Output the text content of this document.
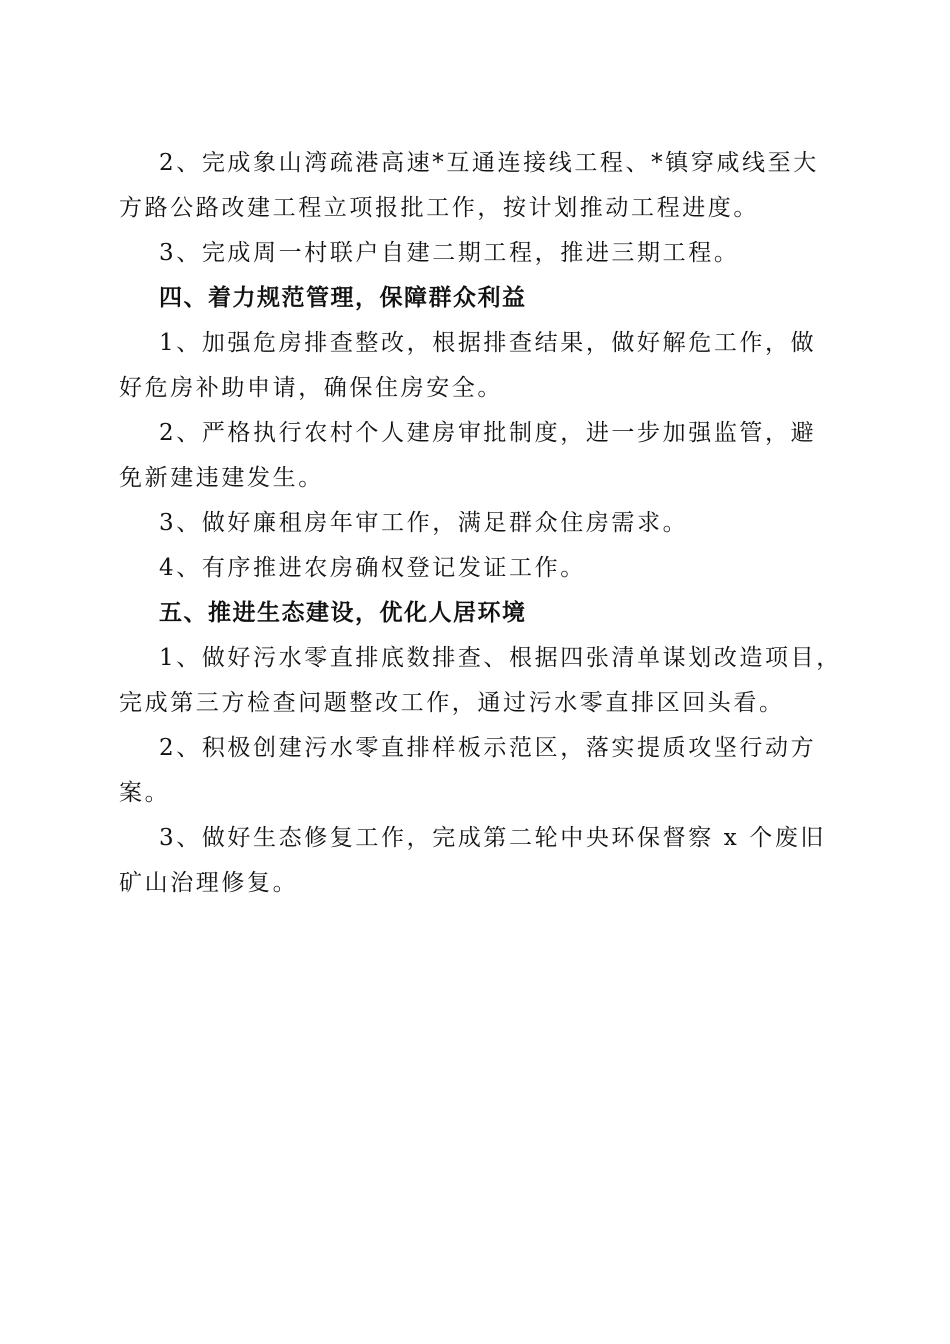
2、完成象山湾疏港高速*互通连接线工程、*镇穿咸线至大
方路公路改建工程立项报批工作，按计划推动工程进度。
3、完成周一村联户自建二期工程，推进三期工程。
四、着力规范管理，保障群众利益
1、加强危房排查整改，根据排查结果，做好解危工作，做
好危房补助申请，确保住房安全。
2、严格执行农村个人建房审批制度，进一步加强监管，避
免新建违建发生。
3、做好廉租房年审工作，满足群众住房需求。
4、有序推进农房确权登记发证工作。
五、推进生态建设，优化人居环境
1、做好污水零直排底数排查、根据四张清单谋划改造项目，
完成第三方检查问题整改工作，通过污水零直排区回头看。
2、积极创建污水零直排样板示范区，落实提质攻坚行动方
案。
3、做好生态修复工作，完成第二轮中央环保督察 x 个废旧
矿山治理修复。
